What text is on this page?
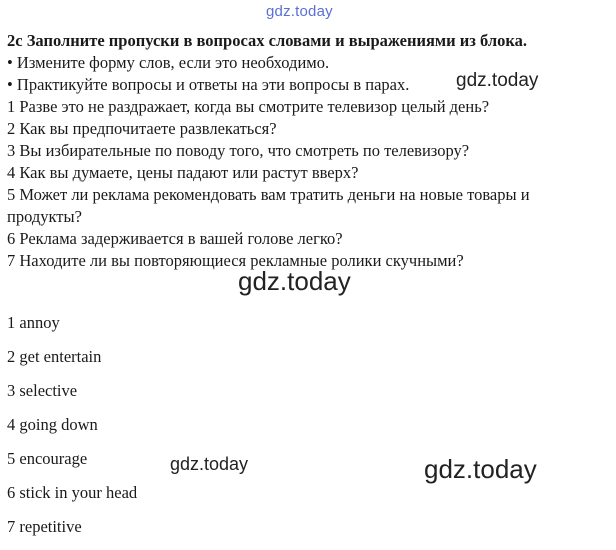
gdz.today
2c Заполните пропуски в вопросах словами и выражениями из блока.
• Измените форму слов, если это необходимо.
• Практикуйте вопросы и ответы на эти вопросы в парах.
1 Разве это не раздражает, когда вы смотрите телевизор целый день?
2 Как вы предпочитаете развлекаться?
3 Вы избирательные по поводу того, что смотреть по телевизору?
4 Как вы думаете, цены падают или растут вверх?
5 Может ли реклама рекомендовать вам тратить деньги на новые товары и продукты?
6 Реклама задерживается в вашей голове легко?
7 Находите ли вы повторяющиеся рекламные ролики скучными?
gdz.today
gdz.today
1 annoy
2 get entertain
3 selective
4 going down
5 encourage
6 stick in your head
7 repetitive
gdz.today	gdz.today
